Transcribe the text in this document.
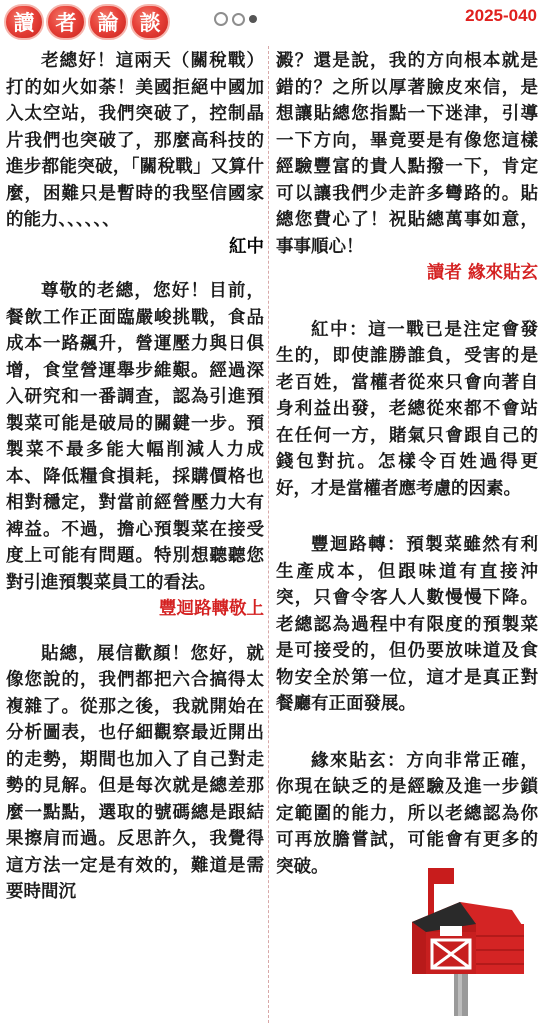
讀	者	論	談	2025-040

老總好！這兩天（關稅戰）打的如火如荼！美國拒絕中國加入太空站，我們突破了，控制晶片我們也突破了，那麼高科技的進步都能突破，「關稅戰」又算什麼，困難只是暫時的我堅信國家的能力、、、、、、

紅中

尊敬的老總，您好！目前，餐飲工作正面臨嚴峻挑戰，食品成本一路飆升，營運壓力與日俱增，食堂營運舉步維艱。經過深入研究和一番調查，認為引進預製菜可能是破局的關鍵一步。預製菜不最多能大幅削減人力成本、降低糧食損耗，採購價格也相對穩定，對當前經營壓力大有裨益。不過，擔心預製菜在接受度上可能有問題。特別想聽聽您對引進預製菜員工的看法。

豐迴路轉敬上

貼總，展信歡顏！您好，就像您說的，我們都把六合搞得太複雜了。從那之後，我就開始在分析圖表，也仔細觀察最近開出的走勢，期間也加入了自己對走勢的見解。但是每次就是總差那麼一點點，選取的號碼總是跟結果擦肩而過。反思許久，我覺得這方法一定是有效的，難道是需要時間沉

澱？還是說，我的方向根本就是錯的？之所以厚著臉皮來信，是想讓貼總您指點一下迷津，引導一下方向，畢竟要是有像您這樣經驗豐富的貴人點撥一下，肯定可以讓我們少走許多彎路的。貼總您費心了！祝貼總萬事如意，事事順心！

讀者 緣來貼玄

紅中：這一戰已是注定會發生的，即使誰勝誰負，受害的是老百姓，當權者從來只會向著自身利益出發，老總從來都不會站在任何一方，賭氣只會跟自己的錢包對抗。怎樣令百姓過得更好，才是當權者應考慮的因素。

豐迴路轉：預製菜雖然有利生產成本，但跟味道有直接沖突，只會令客人人數慢慢下降。老總認為過程中有限度的預製菜是可接受的，但仍要放味道及食物安全於第一位，這才是真正對餐廳有正面發展。

緣來貼玄：方向非常正確，你現在缺乏的是經驗及進一步鎖定範圍的能力，所以老總認為你可再放膽嘗試，可能會有更多的突破。
